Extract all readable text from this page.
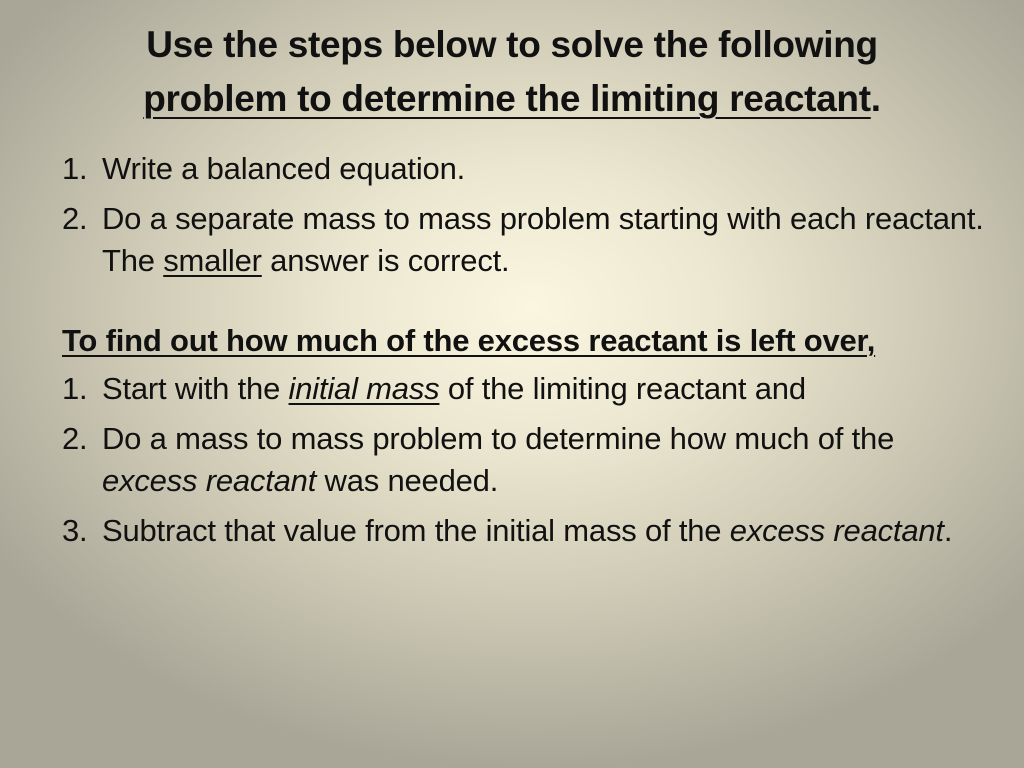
Use the steps below to solve the following
problem to determine the limiting reactant.
1. Write a balanced equation.
2. Do a separate mass to mass problem starting with each reactant. The smaller answer is correct.
To find out how much of the excess reactant is left over,
1. Start with the initial mass of the limiting reactant and
2. Do a mass to mass problem to determine how much of the excess reactant was needed.
3. Subtract that value from the initial mass of the excess reactant.
